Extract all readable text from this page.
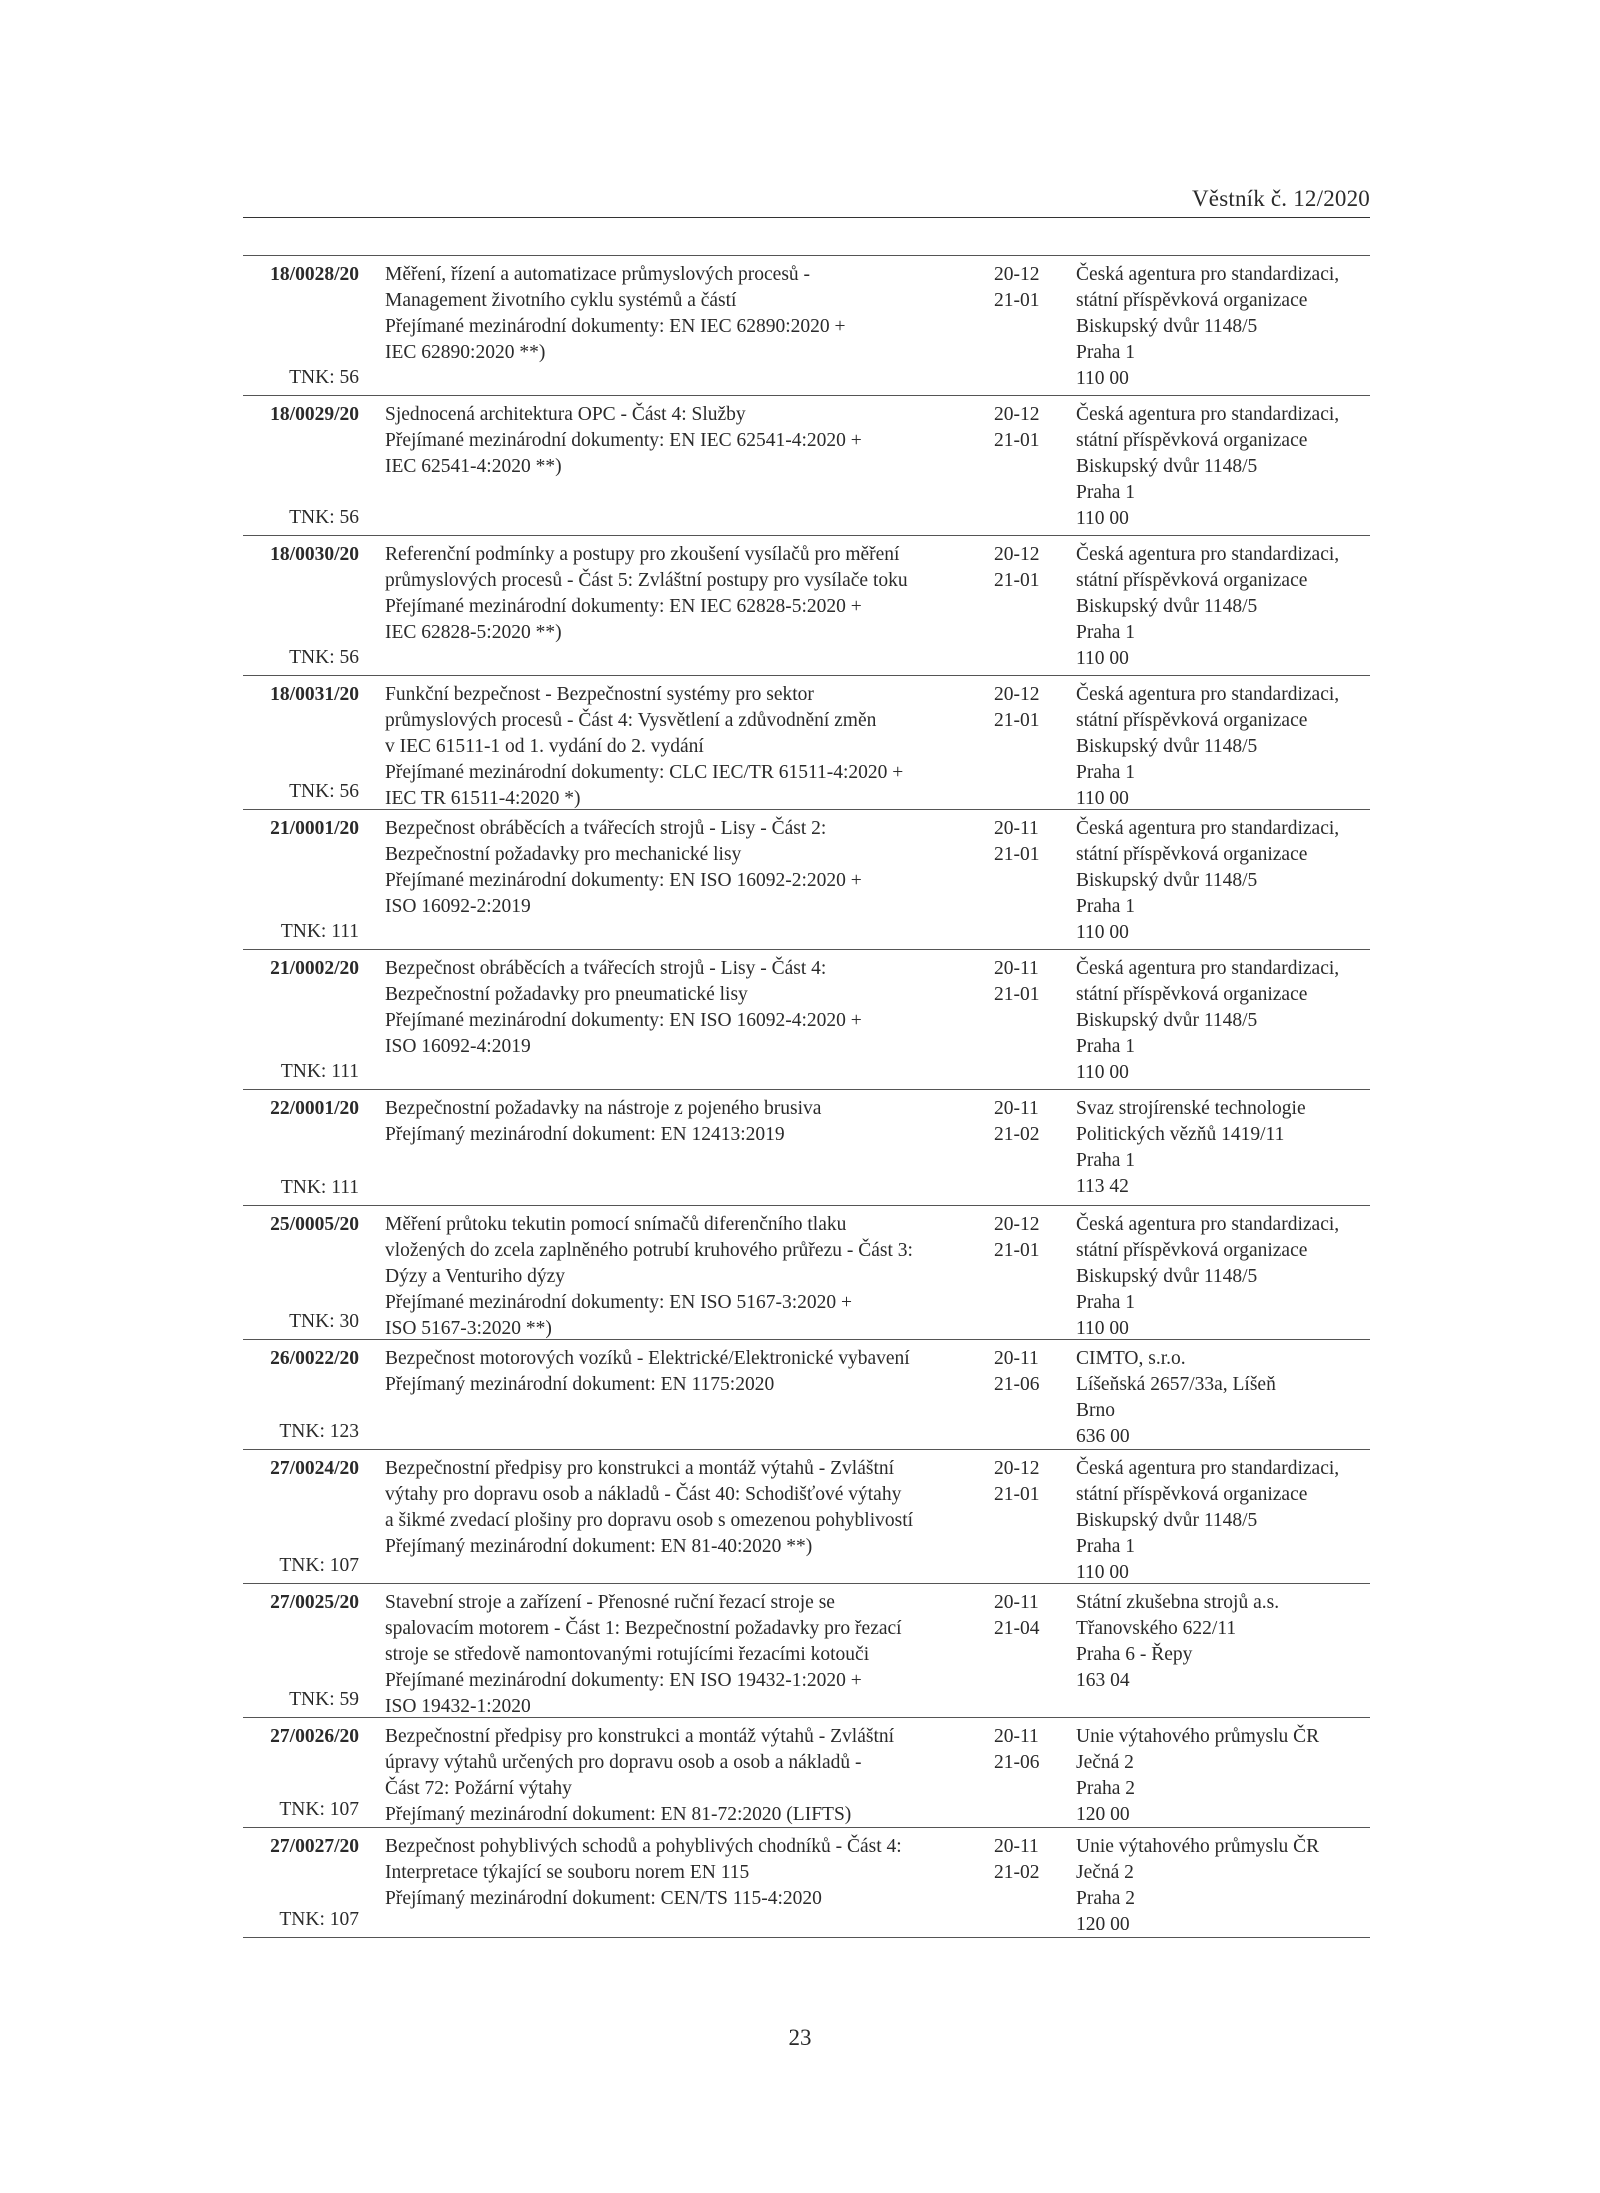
Věstník č. 12/2020
18/0028/20
TNK: 56
Měření, řízení a automatizace průmyslových procesů -
Management životního cyklu systémů a částí
Přejímané mezinárodní dokumenty: EN IEC 62890:2020 +
IEC 62890:2020 **)
20-12
21-01
Česká agentura pro standardizaci,
státní příspěvková organizace
Biskupský dvůr 1148/5
Praha 1
110 00
18/0029/20
TNK: 56
Sjednocená architektura OPC - Část 4: Služby
Přejímané mezinárodní dokumenty: EN IEC 62541-4:2020 +
IEC 62541-4:2020 **)
20-12
21-01
Česká agentura pro standardizaci,
státní příspěvková organizace
Biskupský dvůr 1148/5
Praha 1
110 00
18/0030/20
TNK: 56
Referenční podmínky a postupy pro zkoušení vysílačů pro měření
průmyslových procesů - Část 5: Zvláštní postupy pro vysílače toku
Přejímané mezinárodní dokumenty: EN IEC 62828-5:2020 +
IEC 62828-5:2020 **)
20-12
21-01
Česká agentura pro standardizaci,
státní příspěvková organizace
Biskupský dvůr 1148/5
Praha 1
110 00
18/0031/20
TNK: 56
Funkční bezpečnost - Bezpečnostní systémy pro sektor
průmyslových procesů - Část 4: Vysvětlení a zdůvodnění změn
v IEC 61511-1 od 1. vydání do 2. vydání
Přejímané mezinárodní dokumenty: CLC IEC/TR 61511-4:2020 +
IEC TR 61511-4:2020 *)
20-12
21-01
Česká agentura pro standardizaci,
státní příspěvková organizace
Biskupský dvůr 1148/5
Praha 1
110 00
21/0001/20
TNK: 111
Bezpečnost obráběcích a tvářecích strojů - Lisy - Část 2:
Bezpečnostní požadavky pro mechanické lisy
Přejímané mezinárodní dokumenty: EN ISO 16092-2:2020 +
ISO 16092-2:2019
20-11
21-01
Česká agentura pro standardizaci,
státní příspěvková organizace
Biskupský dvůr 1148/5
Praha 1
110 00
21/0002/20
TNK: 111
Bezpečnost obráběcích a tvářecích strojů - Lisy - Část 4:
Bezpečnostní požadavky pro pneumatické lisy
Přejímané mezinárodní dokumenty: EN ISO 16092-4:2020 +
ISO 16092-4:2019
20-11
21-01
Česká agentura pro standardizaci,
státní příspěvková organizace
Biskupský dvůr 1148/5
Praha 1
110 00
22/0001/20
TNK: 111
Bezpečnostní požadavky na nástroje z pojeného brusiva
Přejímaný mezinárodní dokument: EN 12413:2019
20-11
21-02
Svaz strojírenské technologie
Politických vězňů 1419/11
Praha 1
113 42
25/0005/20
TNK: 30
Měření průtoku tekutin pomocí snímačů diferenčního tlaku
vložených do zcela zaplněného potrubí kruhového průřezu - Část 3:
Dýzy a Venturiho dýzy
Přejímané mezinárodní dokumenty: EN ISO 5167-3:2020 +
ISO 5167-3:2020 **)
20-12
21-01
Česká agentura pro standardizaci,
státní příspěvková organizace
Biskupský dvůr 1148/5
Praha 1
110 00
26/0022/20
TNK: 123
Bezpečnost motorových vozíků - Elektrické/Elektronické vybavení
Přejímaný mezinárodní dokument: EN 1175:2020
20-11
21-06
CIMTO, s.r.o.
Líšeňská 2657/33a, Líšeň
Brno
636 00
27/0024/20
TNK: 107
Bezpečnostní předpisy pro konstrukci a montáž výtahů - Zvláštní
výtahy pro dopravu osob a nákladů - Část 40: Schodišťové výtahy
a šikmé zvedací plošiny pro dopravu osob s omezenou pohyblivostí
Přejímaný mezinárodní dokument: EN 81-40:2020 **)
20-12
21-01
Česká agentura pro standardizaci,
státní příspěvková organizace
Biskupský dvůr 1148/5
Praha 1
110 00
27/0025/20
TNK: 59
Stavební stroje a zařízení - Přenosné ruční řezací stroje se
spalovacím motorem - Část 1: Bezpečnostní požadavky pro řezací
stroje se středově namontovanými rotujícími řezacími kotouči
Přejímané mezinárodní dokumenty: EN ISO 19432-1:2020 +
ISO 19432-1:2020
20-11
21-04
Státní zkušebna strojů a.s.
Třanovského 622/11
Praha 6 - Řepy
163 04
27/0026/20
TNK: 107
Bezpečnostní předpisy pro konstrukci a montáž výtahů - Zvláštní
úpravy výtahů určených pro dopravu osob a osob a nákladů -
Část 72: Požární výtahy
Přejímaný mezinárodní dokument: EN 81-72:2020 (LIFTS)
20-11
21-06
Unie výtahového průmyslu ČR
Ječná 2
Praha 2
120 00
27/0027/20
TNK: 107
Bezpečnost pohyblivých schodů a pohyblivých chodníků - Část 4:
Interpretace týkající se souboru norem EN 115
Přejímaný mezinárodní dokument: CEN/TS 115-4:2020
20-11
21-02
Unie výtahového průmyslu ČR
Ječná 2
Praha 2
120 00
23
